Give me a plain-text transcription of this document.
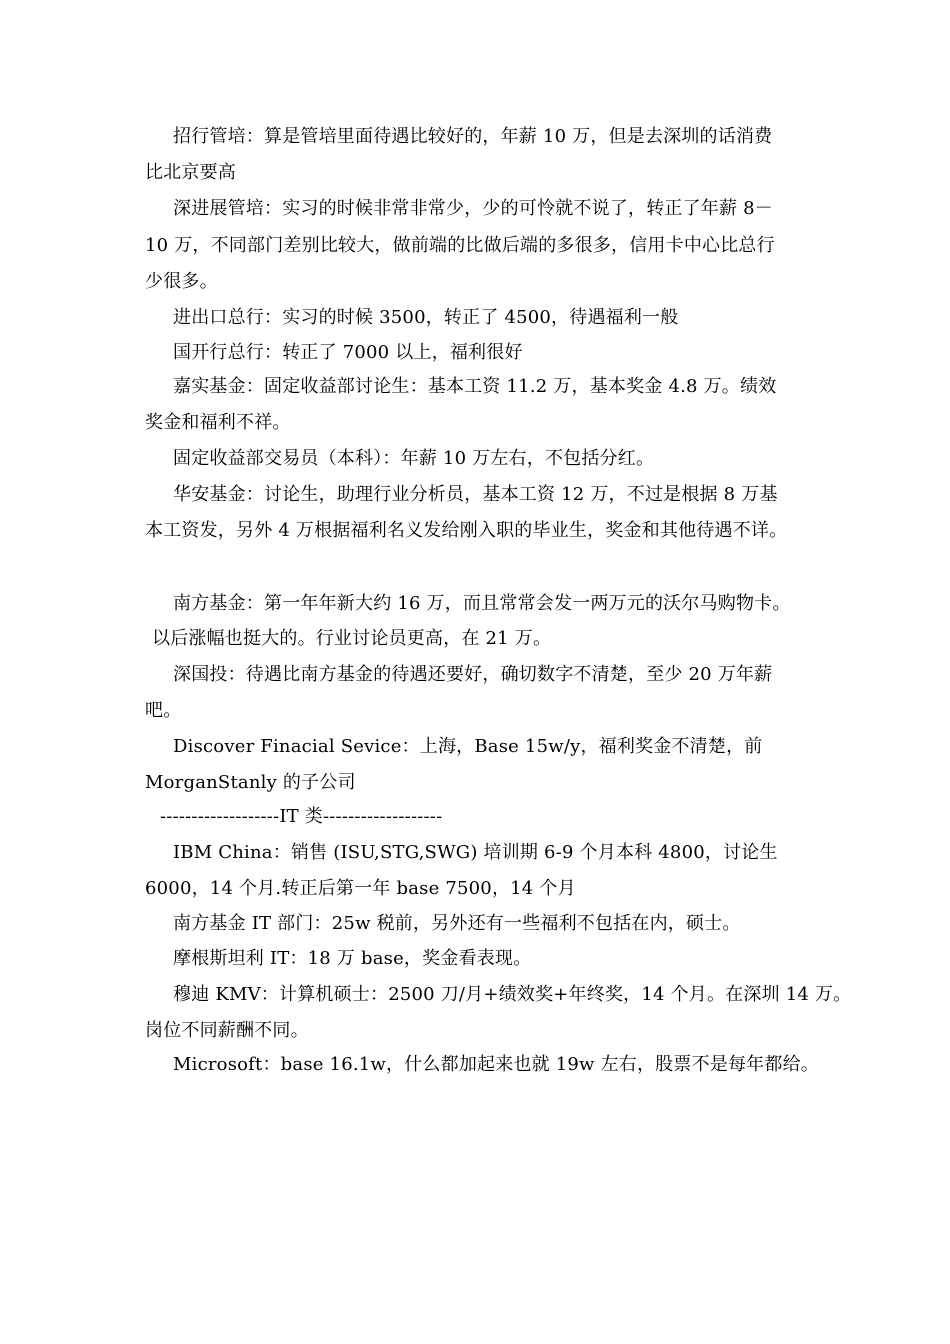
招行管培：算是管培里面待遇比较好的，年薪 10 万，但是去深圳的话消费
比北京要高
深进展管培：实习的时候非常非常少，少的可怜就不说了，转正了年薪 8－
10 万，不同部门差别比较大，做前端的比做后端的多很多，信用卡中心比总行
少很多。
进出口总行：实习的时候 3500，转正了 4500，待遇福利一般
国开行总行：转正了 7000 以上，福利很好
嘉实基金：固定收益部讨论生：基本工资 11.2 万，基本奖金 4.8 万。绩效
奖金和福利不祥。
固定收益部交易员（本科）：年薪 10 万左右，不包括分红。
华安基金：讨论生，助理行业分析员，基本工资 12 万，不过是根据 8 万基
本工资发，另外 4 万根据福利名义发给刚入职的毕业生，奖金和其他待遇不详。
南方基金：第一年年新大约 16 万，而且常常会发一两万元的沃尔马购物卡。
以后涨幅也挺大的。行业讨论员更高，在 21 万。
深国投：待遇比南方基金的待遇还要好，确切数字不清楚，至少 20 万年薪
吧。
Discover Finacial Sevice：上海，Base 15w/y，福利奖金不清楚，前
MorganStanly 的子公司
-------------------IT 类-------------------
IBM China：销售 (ISU,STG,SWG) 培训期 6-9 个月本科 4800，讨论生
6000，14 个月.转正后第一年 base 7500，14 个月
南方基金 IT 部门：25w 税前，另外还有一些福利不包括在内，硕士。
摩根斯坦利 IT：18 万 base，奖金看表现。
穆迪 KMV：计算机硕士：2500 刀/月+绩效奖+年终奖，14 个月。在深圳 14 万。
岗位不同薪酬不同。
Microsoft：base 16.1w，什么都加起来也就 19w 左右，股票不是每年都给。
